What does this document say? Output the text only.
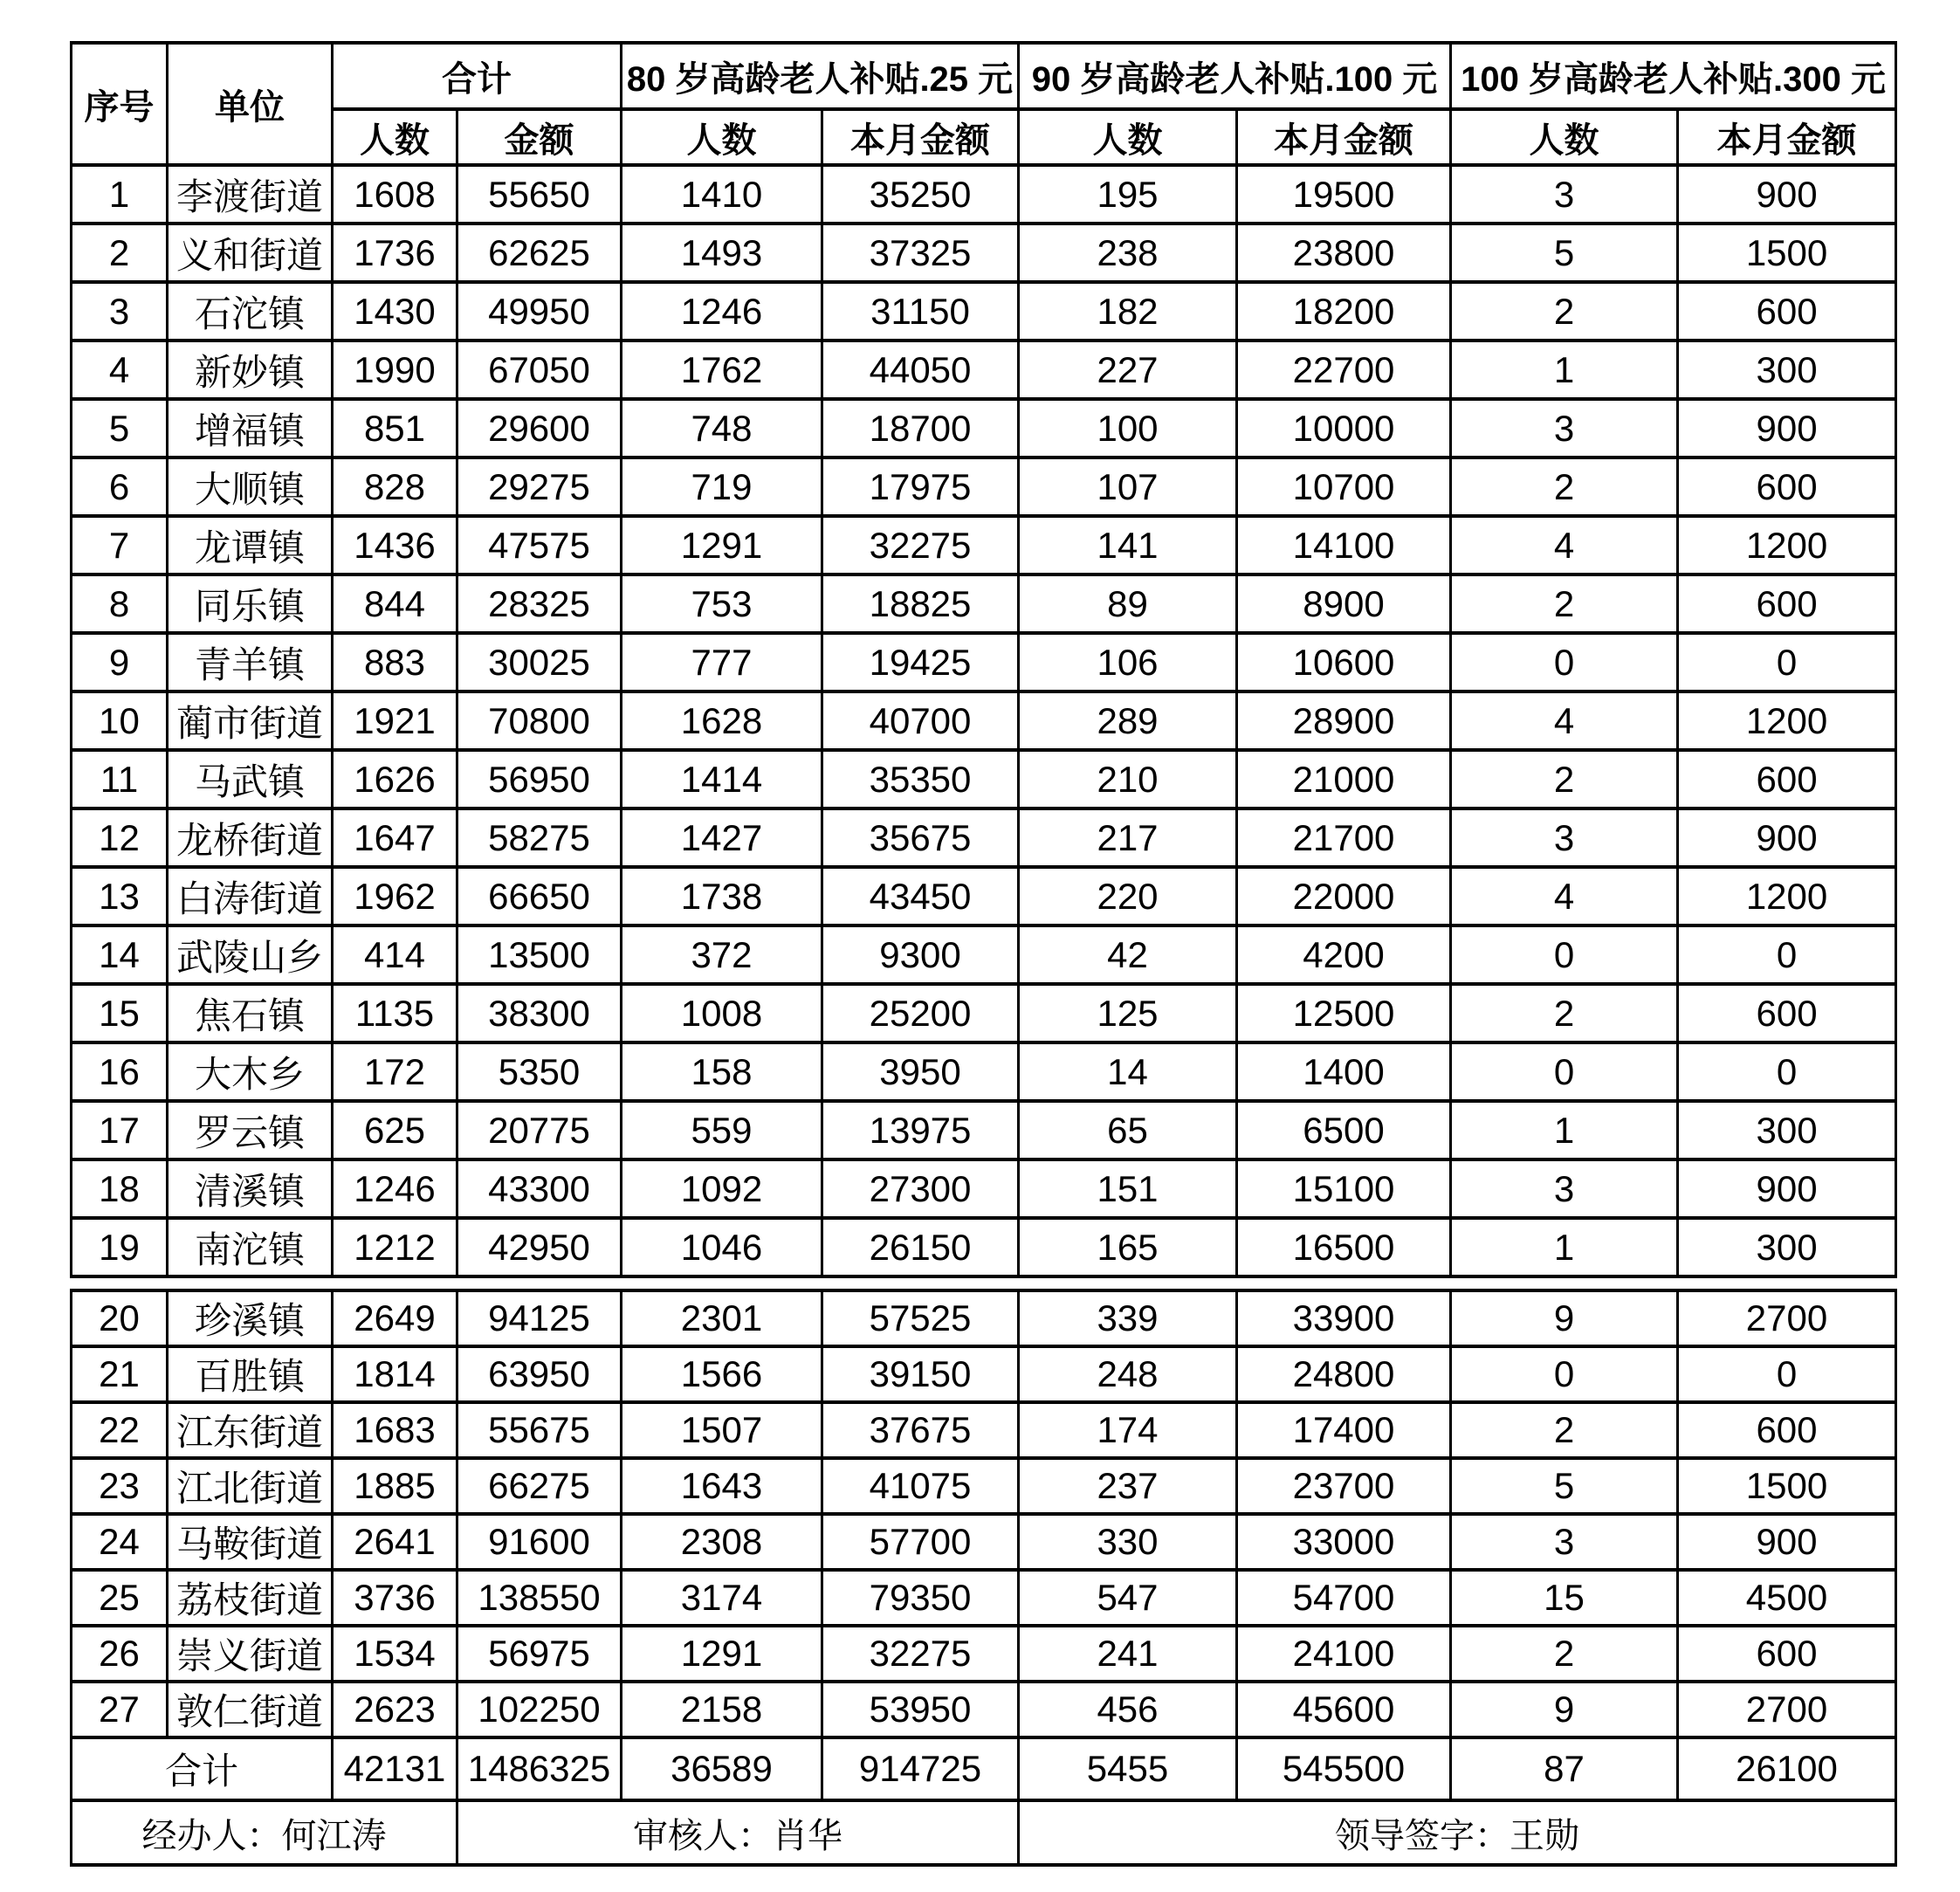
序号	单位	合计		80 岁高龄老人补贴.25 元		90 岁高龄老人补贴.100 元		100 岁高龄老人补贴.300 元	
		人数	金额	人数	本月金额	人数	本月金额	人数	本月金额
1	李渡街道	1608	55650	1410	35250	195	19500	3	900
2	义和街道	1736	62625	1493	37325	238	23800	5	1500
3	石沱镇	1430	49950	1246	31150	182	18200	2	600
4	新妙镇	1990	67050	1762	44050	227	22700	1	300
5	增福镇	851	29600	748	18700	100	10000	3	900
6	大顺镇	828	29275	719	17975	107	10700	2	600
7	龙谭镇	1436	47575	1291	32275	141	14100	4	1200
8	同乐镇	844	28325	753	18825	89	8900	2	600
9	青羊镇	883	30025	777	19425	106	10600	0	0
10	蔺市街道	1921	70800	1628	40700	289	28900	4	1200
11	马武镇	1626	56950	1414	35350	210	21000	2	600
12	龙桥街道	1647	58275	1427	35675	217	21700	3	900
13	白涛街道	1962	66650	1738	43450	220	22000	4	1200
14	武陵山乡	414	13500	372	9300	42	4200	0	0
15	焦石镇	1135	38300	1008	25200	125	12500	2	600
16	大木乡	172	5350	158	3950	14	1400	0	0
17	罗云镇	625	20775	559	13975	65	6500	1	300
18	清溪镇	1246	43300	1092	27300	151	15100	3	900
19	南沱镇	1212	42950	1046	26150	165	16500	1	300
20	珍溪镇	2649	94125	2301	57525	339	33900	9	2700
21	百胜镇	1814	63950	1566	39150	248	24800	0	0
22	江东街道	1683	55675	1507	37675	174	17400	2	600
23	江北街道	1885	66275	1643	41075	237	23700	5	1500
24	马鞍街道	2641	91600	2308	57700	330	33000	3	900
25	荔枝街道	3736	138550	3174	79350	547	54700	15	4500
26	崇义街道	1534	56975	1291	32275	241	24100	2	600
27	敦仁街道	2623	102250	2158	53950	456	45600	9	2700
合计		42131	1486325	36589	914725	5455	545500	87	26100
经办人：何江涛			审核人：肖华			领导签字：王勋			
